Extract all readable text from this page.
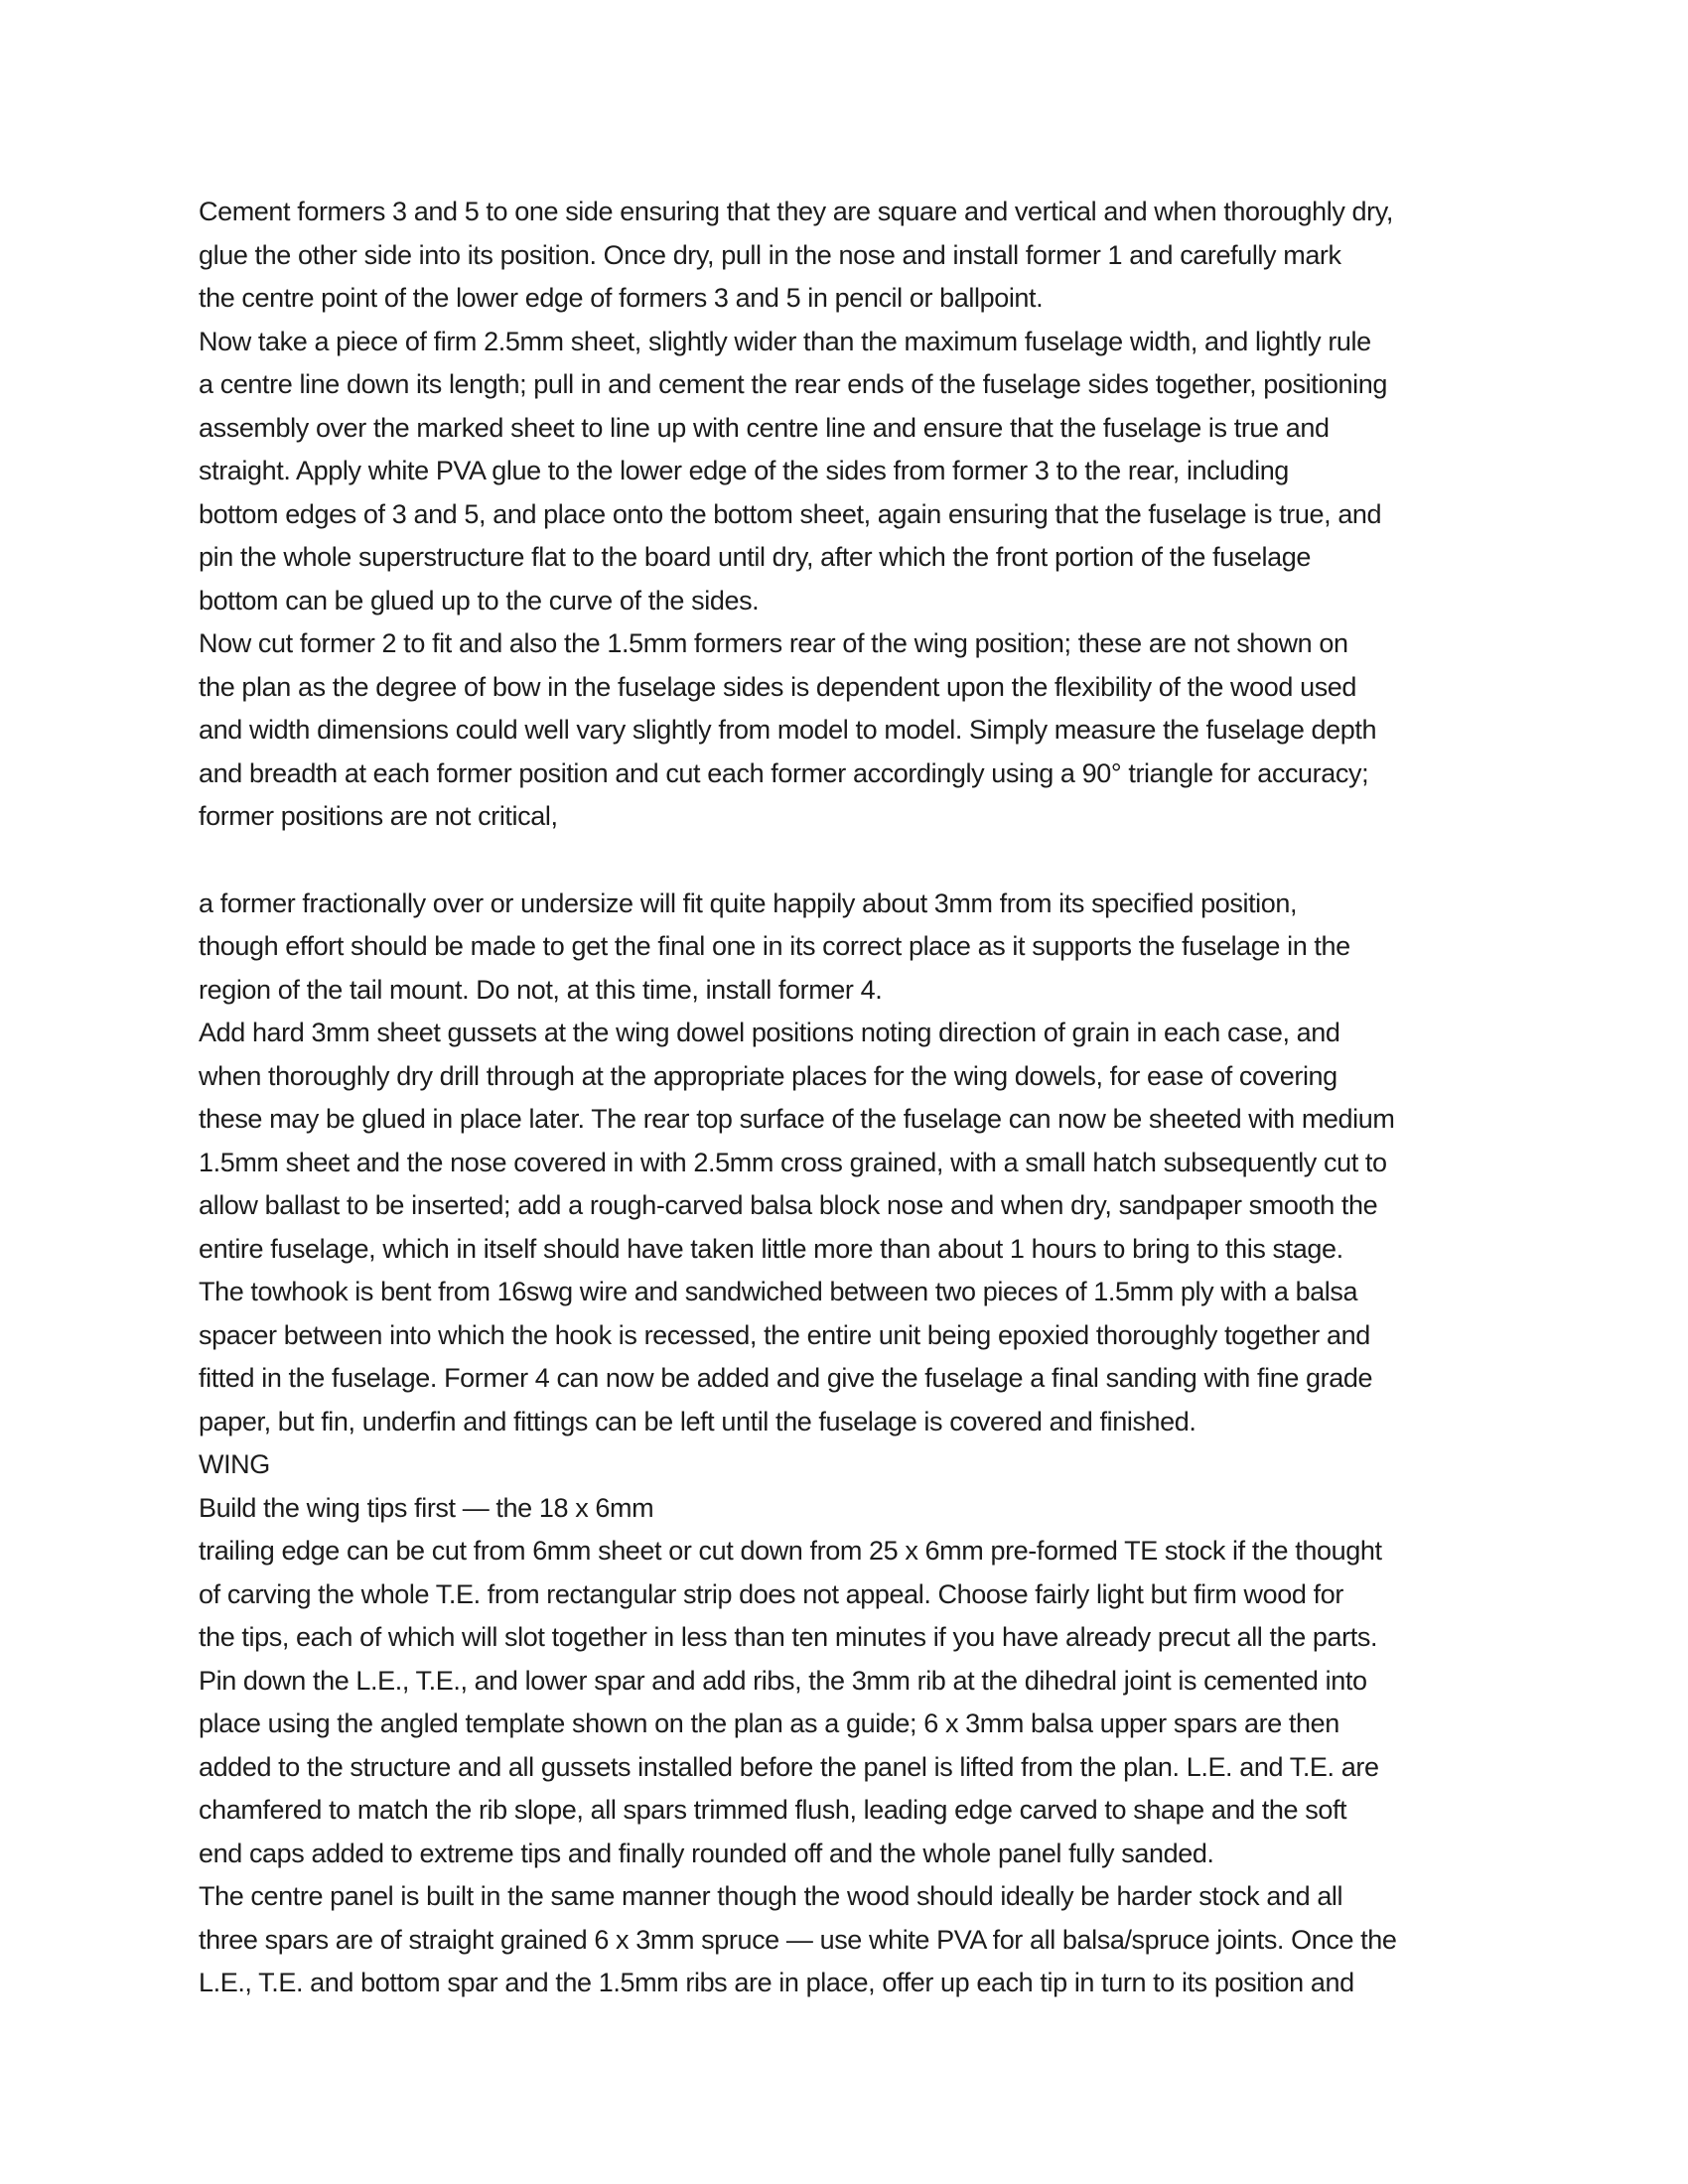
Cement formers 3 and 5 to one side ensuring that they are square and vertical and when thoroughly dry,
glue the other side into its position. Once dry, pull in the nose and install former 1 and carefully mark
the centre point of the lower edge of formers 3 and 5 in pencil or ballpoint.
Now take a piece of firm 2.5mm sheet, slightly wider than the maximum fuselage width, and lightly rule
a centre line down its length; pull in and cement the rear ends of the fuselage sides together, positioning
assembly over the marked sheet to line up with centre line and ensure that the fuselage is true and
straight. Apply white PVA glue to the lower edge of the sides from former 3 to the rear, including
bottom edges of 3 and 5, and place onto the bottom sheet, again ensuring that the fuselage is true, and
pin the whole superstructure flat to the board until dry, after which the front portion of the fuselage
bottom can be glued up to the curve of the sides.
Now cut former 2 to fit and also the 1.5mm formers rear of the wing position; these are not shown on
the plan as the degree of bow in the fuselage sides is dependent upon the flexibility of the wood used
and width dimensions could well vary slightly from model to model. Simply measure the fuselage depth
and breadth at each former position and cut each former accordingly using a 90° triangle for accuracy;
former positions are not critical,
a former fractionally over or undersize will fit quite happily about 3mm from its specified position,
though effort should be made to get the final one in its correct place as it supports the fuselage in the
region of the tail mount. Do not, at this time, install former 4.
Add hard 3mm sheet gussets at the wing dowel positions noting direction of grain in each case, and
when thoroughly dry drill through at the appropriate places for the wing dowels, for ease of covering
these may be glued in place later. The rear top surface of the fuselage can now be sheeted with medium
1.5mm sheet and the nose covered in with 2.5mm cross grained, with a small hatch subsequently cut to
allow ballast to be inserted; add a rough-carved balsa block nose and when dry, sandpaper smooth the
entire fuselage, which in itself should have taken little more than about 1 hours to bring to this stage.
The towhook is bent from 16swg wire and sandwiched between two pieces of 1.5mm ply with a balsa
spacer between into which the hook is recessed, the entire unit being epoxied thoroughly together and
fitted in the fuselage. Former 4 can now be added and give the fuselage a final sanding with fine grade
paper, but fin, underfin and fittings can be left until the fuselage is covered and finished.
WING
Build the wing tips first — the 18 x 6mm
trailing edge can be cut from 6mm sheet or cut down from 25 x 6mm pre-formed TE stock if the thought
of carving the whole T.E. from rectangular strip does not appeal. Choose fairly light but firm wood for
the tips, each of which will slot together in less than ten minutes if you have already precut all the parts.
Pin down the L.E., T.E., and lower spar and add ribs, the 3mm rib at the dihedral joint is cemented into
place using the angled template shown on the plan as a guide; 6 x 3mm balsa upper spars are then
added to the structure and all gussets installed before the panel is lifted from the plan. L.E. and T.E. are
chamfered to match the rib slope, all spars trimmed flush, leading edge carved to shape and the soft
end caps added to extreme tips and finally rounded off and the whole panel fully sanded.
The centre panel is built in the same manner though the wood should ideally be harder stock and all
three spars are of straight grained 6 x 3mm spruce — use white PVA for all balsa/spruce joints. Once the
L.E., T.E. and bottom spar and the 1.5mm ribs are in place, offer up each tip in turn to its position and
